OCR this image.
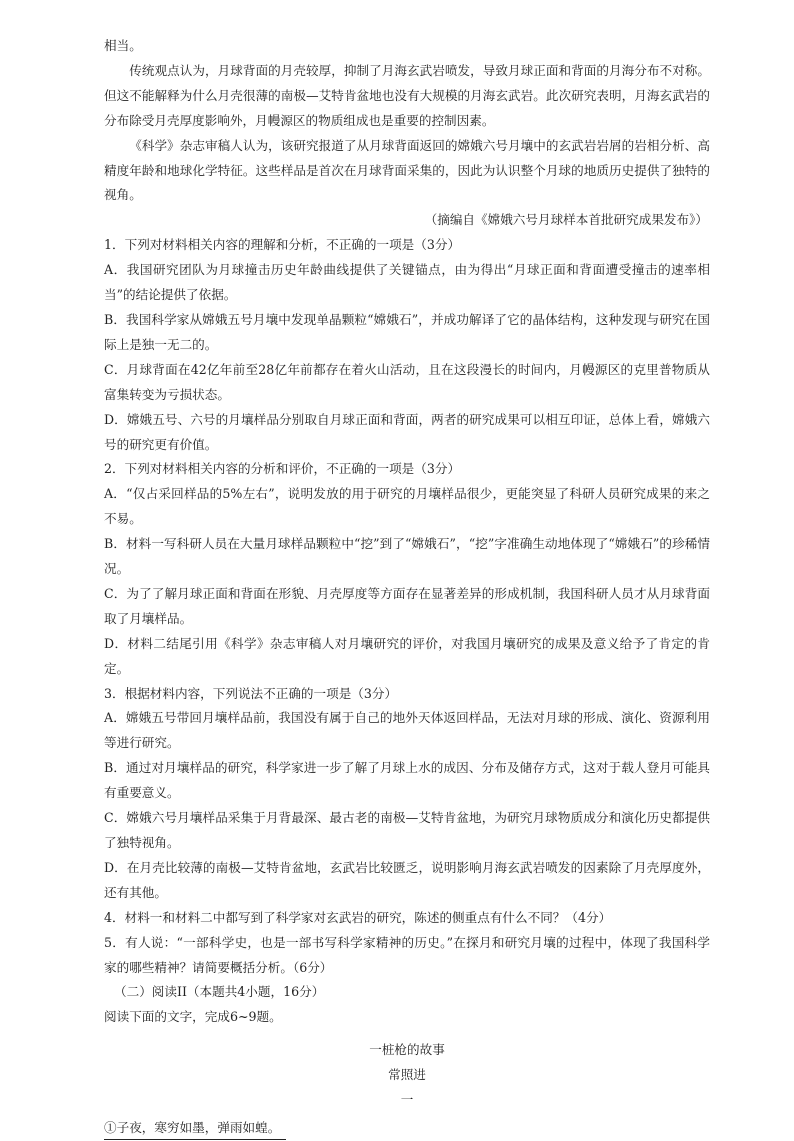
相当。

传统观点认为，月球背面的月壳较厚，抑制了月海玄武岩喷发，导致月球正面和背面的月海分布不对称。但这不能解释为什么月壳很薄的南极—艾特肯盆地也没有大规模的月海玄武岩。此次研究表明，月海玄武岩的分布除受月壳厚度影响外，月幔源区的物质组成也是重要的控制因素。

《科学》杂志审稿人认为，该研究报道了从月球背面返回的嫦娥六号月壤中的玄武岩岩屑的岩相分析、高精度年龄和地球化学特征。这些样品是首次在月球背面采集的，因此为认识整个月球的地质历史提供了独特的视角。

（摘编自《嫦娥六号月球样本首批研究成果发布》）

1．下列对材料相关内容的理解和分析，不正确的一项是（3分）

A．我国研究团队为月球撞击历史年龄曲线提供了关键锚点，由为得出“月球正面和背面遭受撞击的速率相当”的结论提供了依据。

B．我国科学家从嫦娥五号月壤中发现单晶颗粒“嫦娥石”，并成功解译了它的晶体结构，这种发现与研究在国际上是独一无二的。

C．月球背面在42亿年前至28亿年前都存在着火山活动，且在这段漫长的时间内，月幔源区的克里普物质从富集转变为亏损状态。

D．嫦娥五号、六号的月壤样品分别取自月球正面和背面，两者的研究成果可以相互印证，总体上看，嫦娥六号的研究更有价值。

2．下列对材料相关内容的分析和评价，不正确的一项是（3分）

A．“仅占采回样品的5%左右”，说明发放的用于研究的月壤样品很少，更能突显了科研人员研究成果的来之不易。

B．材料一写科研人员在大量月球样品颗粒中“挖”到了“嫦娥石”，“挖”字准确生动地体现了“嫦娥石”的珍稀情况。

C．为了了解月球正面和背面在形貌、月壳厚度等方面存在显著差异的形成机制，我国科研人员才从月球背面取了月壤样品。

D．材料二结尾引用《科学》杂志审稿人对月壤研究的评价，对我国月壤研究的成果及意义给予了肯定的肯定。

3．根据材料内容，下列说法不正确的一项是（3分）

A．嫦娥五号带回月壤样品前，我国没有属于自己的地外天体返回样品，无法对月球的形成、演化、资源利用等进行研究。

B．通过对月壤样品的研究，科学家进一步了解了月球上水的成因、分布及储存方式，这对于载人登月可能具有重要意义。

C．嫦娥六号月壤样品采集于月背最深、最古老的南极—艾特肯盆地，为研究月球物质成分和演化历史都提供了独特视角。

D．在月壳比较薄的南极—艾特肯盆地，玄武岩比较匮乏，说明影响月海玄武岩喷发的因素除了月壳厚度外，还有其他。

4．材料一和材料二中都写到了科学家对玄武岩的研究，陈述的侧重点有什么不同？（4分）

5．有人说：“一部科学史，也是一部书写科学家精神的历史。”在探月和研究月壤的过程中，体现了我国科学家的哪些精神？请简要概括分析。（6分）

（二）阅读II（本题共4小题，16分）

阅读下面的文字，完成6~9题。

一桩枪的故事

常照进

一

①子夜，寒穷如墨，弹雨如蝗。
